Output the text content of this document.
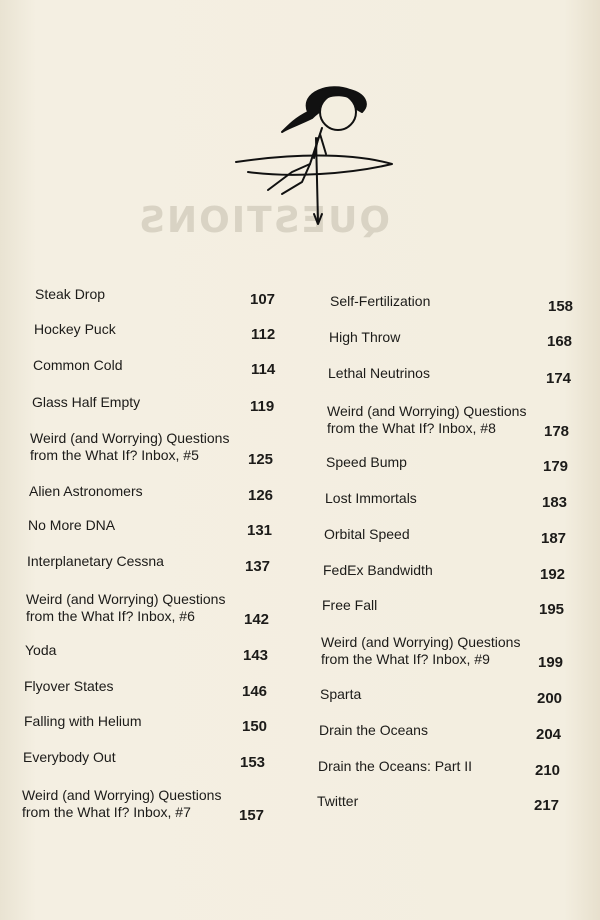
QUESTIONS
Steak Drop	107
Hockey Puck	112
Common Cold	114
Glass Half Empty	119
Weird (and Worrying) Questions
from the What If? Inbox, #5	125
Alien Astronomers	126
No More DNA	131
Interplanetary Cessna	137
Weird (and Worrying) Questions
from the What If? Inbox, #6	142
Yoda	143
Flyover States	146
Falling with Helium	150
Everybody Out	153
Weird (and Worrying) Questions
from the What If? Inbox, #7	157
Self-Fertilization	158
High Throw	168
Lethal Neutrinos	174
Weird (and Worrying) Questions
from the What If? Inbox, #8	178
Speed Bump	179
Lost Immortals	183
Orbital Speed	187
FedEx Bandwidth	192
Free Fall	195
Weird (and Worrying) Questions
from the What If? Inbox, #9	199
Sparta	200
Drain the Oceans	204
Drain the Oceans: Part II	210
Twitter	217
